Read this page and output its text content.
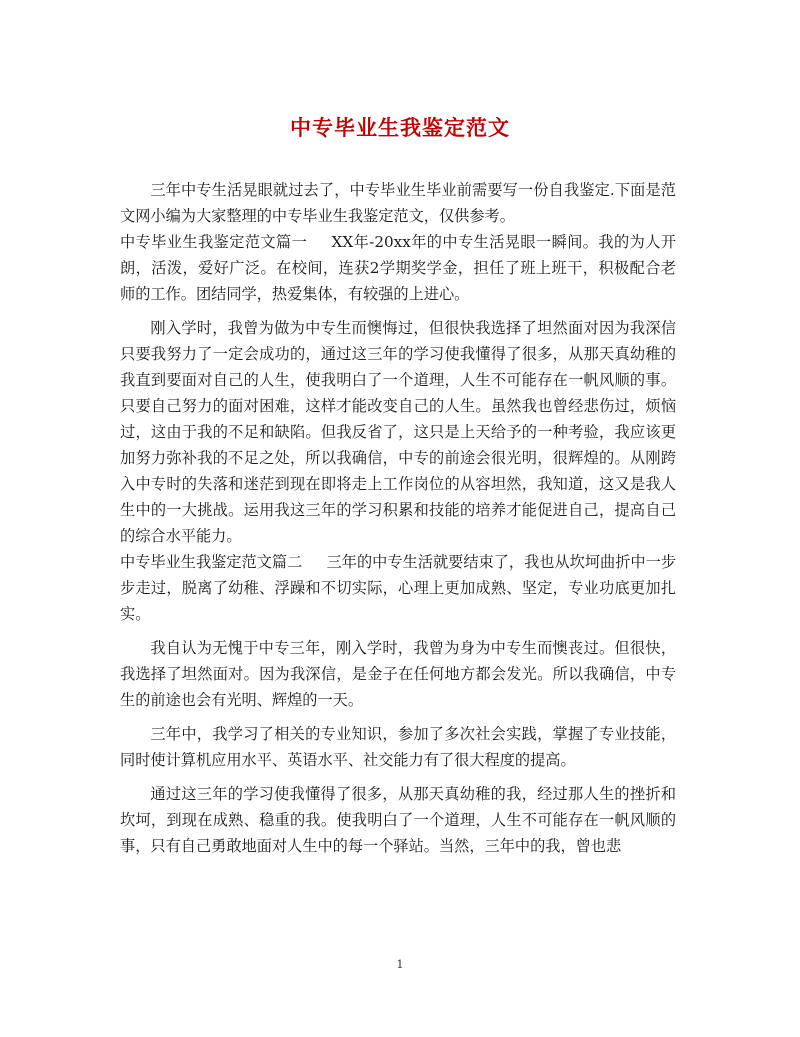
中专毕业生我鉴定范文

三年中专生活晃眼就过去了，中专毕业生毕业前需要写一份自我鉴定.下面是范文网小编为大家整理的中专毕业生我鉴定范文，仅供参考。

中专毕业生我鉴定范文篇一 XX年-20xx年的中专生活晃眼一瞬间。我的为人开朗，活泼，爱好广泛。在校间，连获2学期奖学金，担任了班上班干，积极配合老师的工作。团结同学，热爱集体，有较强的上进心。

刚入学时，我曾为做为中专生而懊悔过，但很快我选择了坦然面对因为我深信只要我努力了一定会成功的，通过这三年的学习使我懂得了很多，从那天真幼稚的我直到要面对自己的人生，使我明白了一个道理，人生不可能存在一帆风顺的事。只要自己努力的面对困难，这样才能改变自己的人生。虽然我也曾经悲伤过，烦恼过，这由于我的不足和缺陷。但我反省了，这只是上天给予的一种考验，我应该更加努力弥补我的不足之处，所以我确信，中专的前途会很光明，很辉煌的。从刚跨入中专时的失落和迷茫到现在即将走上工作岗位的从容坦然，我知道，这又是我人生中的一大挑战。运用我这三年的学习积累和技能的培养才能促进自己，提高自己的综合水平能力。

中专毕业生我鉴定范文篇二 三年的中专生活就要结束了，我也从坎坷曲折中一步步走过，脱离了幼稚、浮躁和不切实际，心理上更加成熟、坚定，专业功底更加扎实。

我自认为无愧于中专三年，刚入学时，我曾为身为中专生而懊丧过。但很快，我选择了坦然面对。因为我深信，是金子在任何地方都会发光。所以我确信，中专生的前途也会有光明、辉煌的一天。

三年中，我学习了相关的专业知识，参加了多次社会实践，掌握了专业技能，同时使计算机应用水平、英语水平、社交能力有了很大程度的提高。

通过这三年的学习使我懂得了很多，从那天真幼稚的我，经过那人生的挫折和坎坷，到现在成熟、稳重的我。使我明白了一个道理，人生不可能存在一帆风顺的事，只有自己勇敢地面对人生中的每一个驿站。当然，三年中的我，曾也悲

1
